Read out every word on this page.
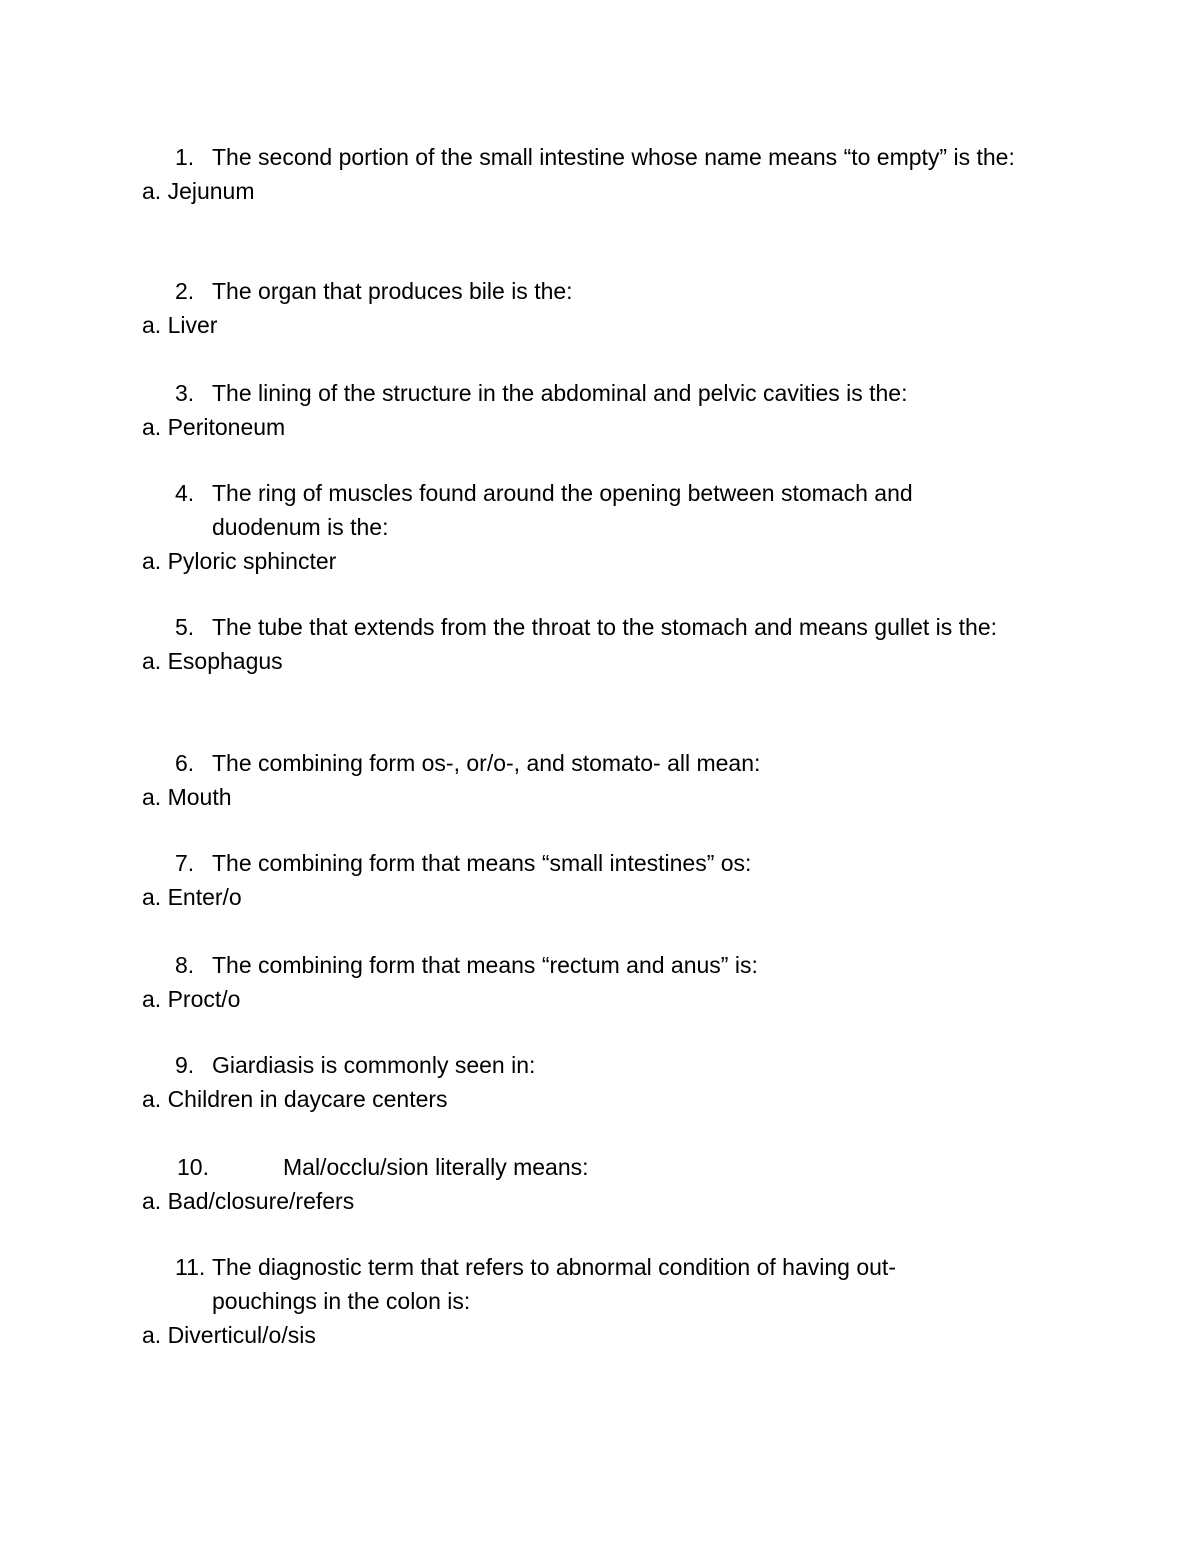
1. The second portion of the small intestine whose name means “to empty” is the:
a. Jejunum
2. The organ that produces bile is the:
a. Liver
3. The lining of the structure in the abdominal and pelvic cavities is the:
a. Peritoneum
4. The ring of muscles found around the opening between stomach and duodenum is the:
a. Pyloric sphincter
5. The tube that extends from the throat to the stomach and means gullet is the:
a. Esophagus
6. The combining form os-, or/o-, and stomato- all mean:
a. Mouth
7. The combining form that means “small intestines” os:
a. Enter/o
8. The combining form that means “rectum and anus” is:
a. Proct/o
9. Giardiasis is commonly seen in:
a. Children in daycare centers
10.	Mal/occlu/sion literally means:
a. Bad/closure/refers
11. The diagnostic term that refers to abnormal condition of having out-pouchings in the colon is:
a. Diverticul/o/sis
